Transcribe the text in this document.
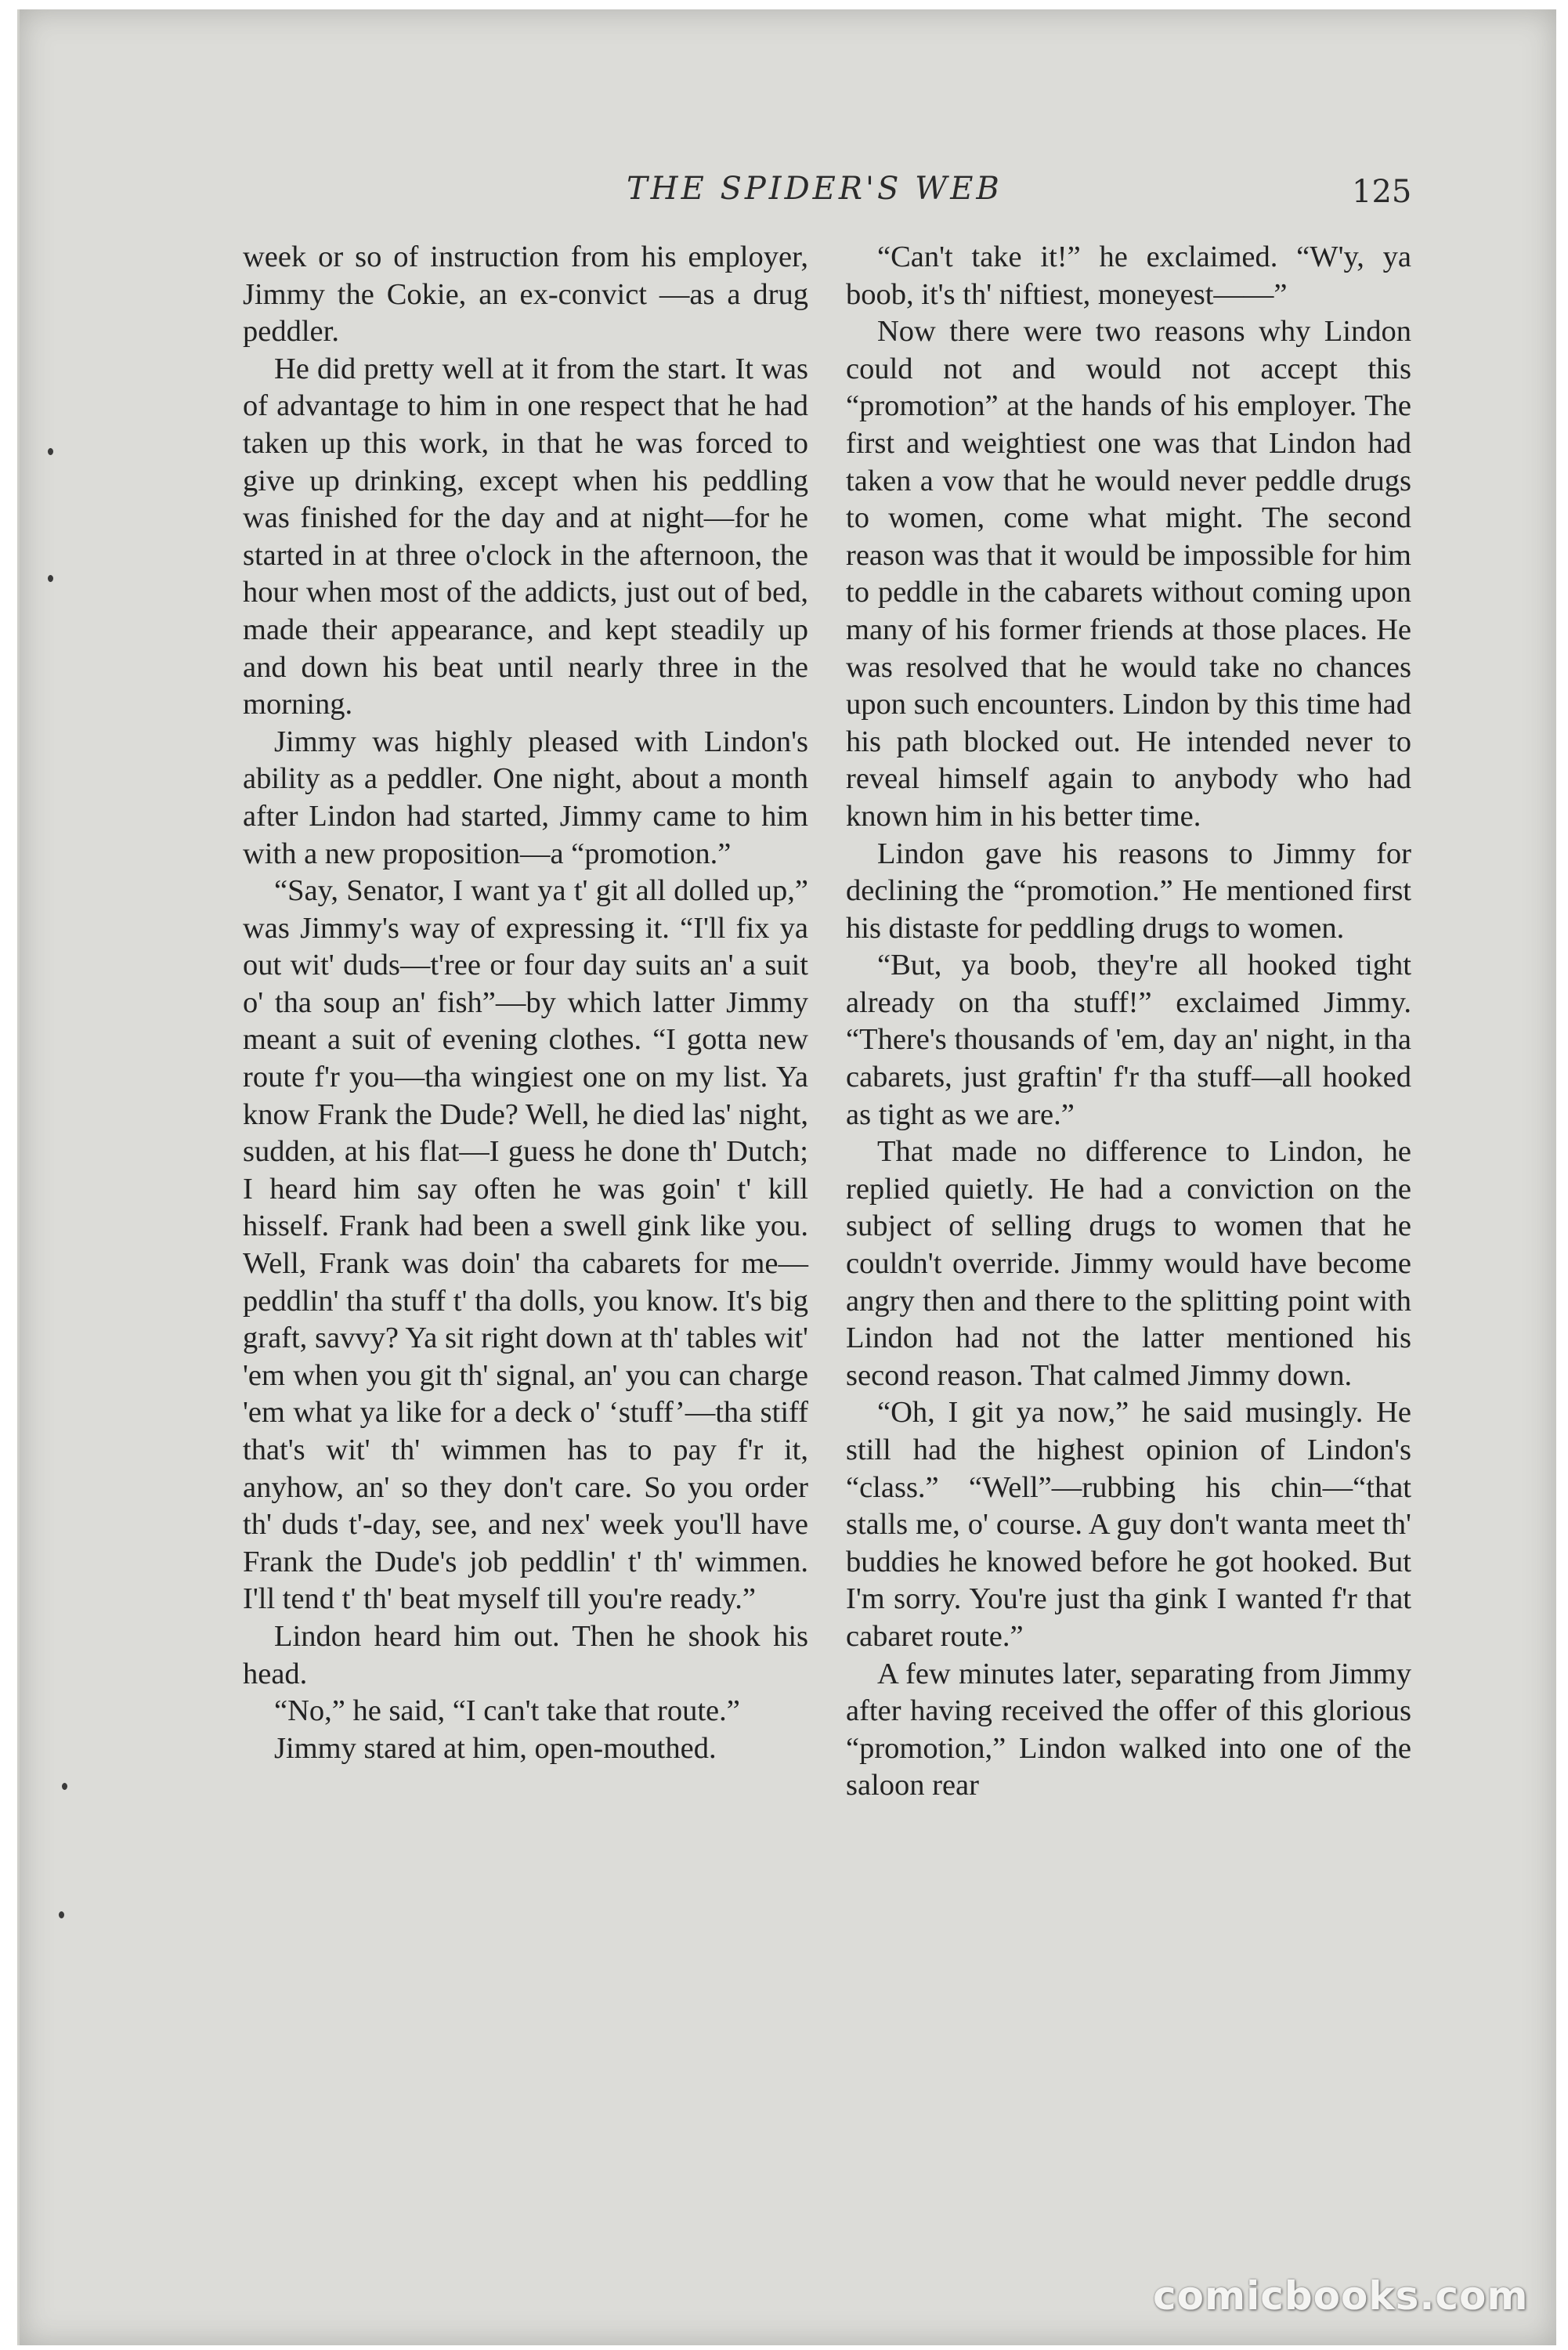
THE SPIDER'S WEB	125

week or so of instruction from his employer, Jimmy the Cokie, an ex-convict —as a drug peddler.

He did pretty well at it from the start. It was of advantage to him in one respect that he had taken up this work, in that he was forced to give up drinking, except when his peddling was finished for the day and at night—for he started in at three o'clock in the afternoon, the hour when most of the addicts, just out of bed, made their appearance, and kept steadily up and down his beat until nearly three in the morning.

Jimmy was highly pleased with Lindon's ability as a peddler. One night, about a month after Lindon had started, Jimmy came to him with a new proposition—a “promotion.”

“Say, Senator, I want ya t' git all dolled up,” was Jimmy's way of expressing it. “I'll fix ya out wit' duds—t'ree or four day suits an' a suit o' tha soup an' fish”—by which latter Jimmy meant a suit of evening clothes. “I gotta new route f'r you—tha wingiest one on my list. Ya know Frank the Dude? Well, he died las' night, sudden, at his flat—I guess he done th' Dutch; I heard him say often he was goin' t' kill hisself. Frank had been a swell gink like you. Well, Frank was doin' tha cabarets for me—peddlin' tha stuff t' tha dolls, you know. It's big graft, savvy? Ya sit right down at th' tables wit' 'em when you git th' signal, an' you can charge 'em what ya like for a deck o' ‘stuff’—tha stiff that's wit' th' wimmen has to pay f'r it, anyhow, an' so they don't care. So you order th' duds t'-day, see, and nex' week you'll have Frank the Dude's job peddlin' t' th' wimmen. I'll tend t' th' beat myself till you're ready.”

Lindon heard him out. Then he shook his head.

“No,” he said, “I can't take that route.”

Jimmy stared at him, open-mouthed.

“Can't take it!” he exclaimed. “W'y, ya boob, it's th' niftiest, moneyest——”

Now there were two reasons why Lindon could not and would not accept this “promotion” at the hands of his employer. The first and weightiest one was that Lindon had taken a vow that he would never peddle drugs to women, come what might. The second reason was that it would be impossible for him to peddle in the cabarets without coming upon many of his former friends at those places. He was resolved that he would take no chances upon such encounters. Lindon by this time had his path blocked out. He intended never to reveal himself again to anybody who had known him in his better time.

Lindon gave his reasons to Jimmy for declining the “promotion.” He mentioned first his distaste for peddling drugs to women.

“But, ya boob, they're all hooked tight already on tha stuff!” exclaimed Jimmy. “There's thousands of 'em, day an' night, in tha cabarets, just graftin' f'r tha stuff—all hooked as tight as we are.”

That made no difference to Lindon, he replied quietly. He had a conviction on the subject of selling drugs to women that he couldn't override. Jimmy would have become angry then and there to the splitting point with Lindon had not the latter mentioned his second reason. That calmed Jimmy down.

“Oh, I git ya now,” he said musingly. He still had the highest opinion of Lindon's “class.” “Well”—rubbing his chin—“that stalls me, o' course. A guy don't wanta meet th' buddies he knowed before he got hooked. But I'm sorry. You're just tha gink I wanted f'r that cabaret route.”

A few minutes later, separating from Jimmy after having received the offer of this glorious “promotion,” Lindon walked into one of the saloon rear

comicbooks.com
